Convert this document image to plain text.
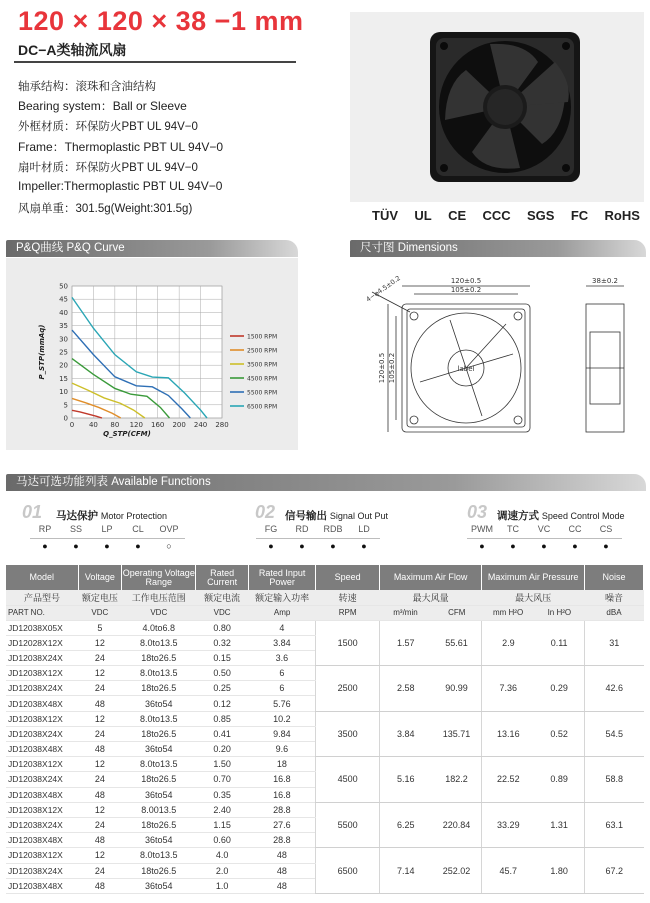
120 × 120 × 38 −1 mm
DC−A类轴流风扇
轴承结构：滚珠和含油结构
Bearing system：Ball or Sleeve
外框材质：环保防火PBT UL 94V−0
Frame：Thermoplastic PBT UL 94V−0
扇叶材质：环保防火PBT UL 94V−0
Impeller:Thermoplastic PBT UL 94V−0
风扇单重：301.5g(Weight:301.5g)	TÜV UL CE CCC SGS FC RoHS
P&Q曲线 P&Q Curve	尺寸图 Dimensions
马达可选功能列表 Available Functions
0 40 80 120 160 200 240 280
0
5
10
15
20
25
30
35
40
45
50
Q_STP(CFM)
P_STP(mmAq)	1500 RPM
2500 RPM
3500 RPM
4500 RPM
5500 RPM
6500 RPM
120±0.5
105±0.2
120±0.5 105±0.2
4−φ4.5±0.2	38±0.2
label
01 马达保护 Motor Protection
RP
●
SS
●
LP
●
CL
●
OVP
○
02 信号输出 Signal Out Put
FG
●
RD
●
RDB
●
LD
●
03 调速方式 Speed Control Mode
PWM
●
TC
●
VC
●
CC
●
CS
●
Model	Voltage	Operating Voltage Range	Rated Current	Rated Input Power	Speed	Maximum Air Flow		Maximum Air Pressure		Noise
产品型号	额定电压	工作电压范围	额定电流	额定输入功率	转速	最大风量		最大风压		噪音
PART NO.	VDC	VDC	VDC	Amp	RPM	m³/min	CFM	mm H²O	In H²O	dBA
JD12038X05X	5	4.0to6.8	0.80	4	1500	1.57	55.61	2.9	0.11	31
JD12028X12X	12	8.0to13.5	0.32	3.84						
JD12038X24X	24	18to26.5	0.15	3.6						
JD12038X12X	12	8.0to13.5	0.50	6	2500	2.58	90.99	7.36	0.29	42.6
JD12038X24X	24	18to26.5	0.25	6						
JD12038X48X	48	36to54	0.12	5.76						
JD12038X12X	12	8.0to13.5	0.85	10.2	3500	3.84	135.71	13.16	0.52	54.5
JD12038X24X	24	18to26.5	0.41	9.84						
JD12038X48X	48	36to54	0.20	9.6						
JD12038X12X	12	8.0to13.5	1.50	18	4500	5.16	182.2	22.52	0.89	58.8
JD12038X24X	24	18to26.5	0.70	16.8						
JD12038X48X	48	36to54	0.35	16.8						
JD12038X12X	12	8.0013.5	2.40	28.8	5500	6.25	220.84	33.29	1.31	63.1
JD12038X24X	24	18to26.5	1.15	27.6						
JD12038X48X	48	36to54	0.60	28.8						
JD12038X12X	12	8.0to13.5	4.0	48	6500	7.14	252.02	45.7	1.80	67.2
JD12038X24X	24	18to26.5	2.0	48						
JD12038X48X	48	36to54	1.0	48						
